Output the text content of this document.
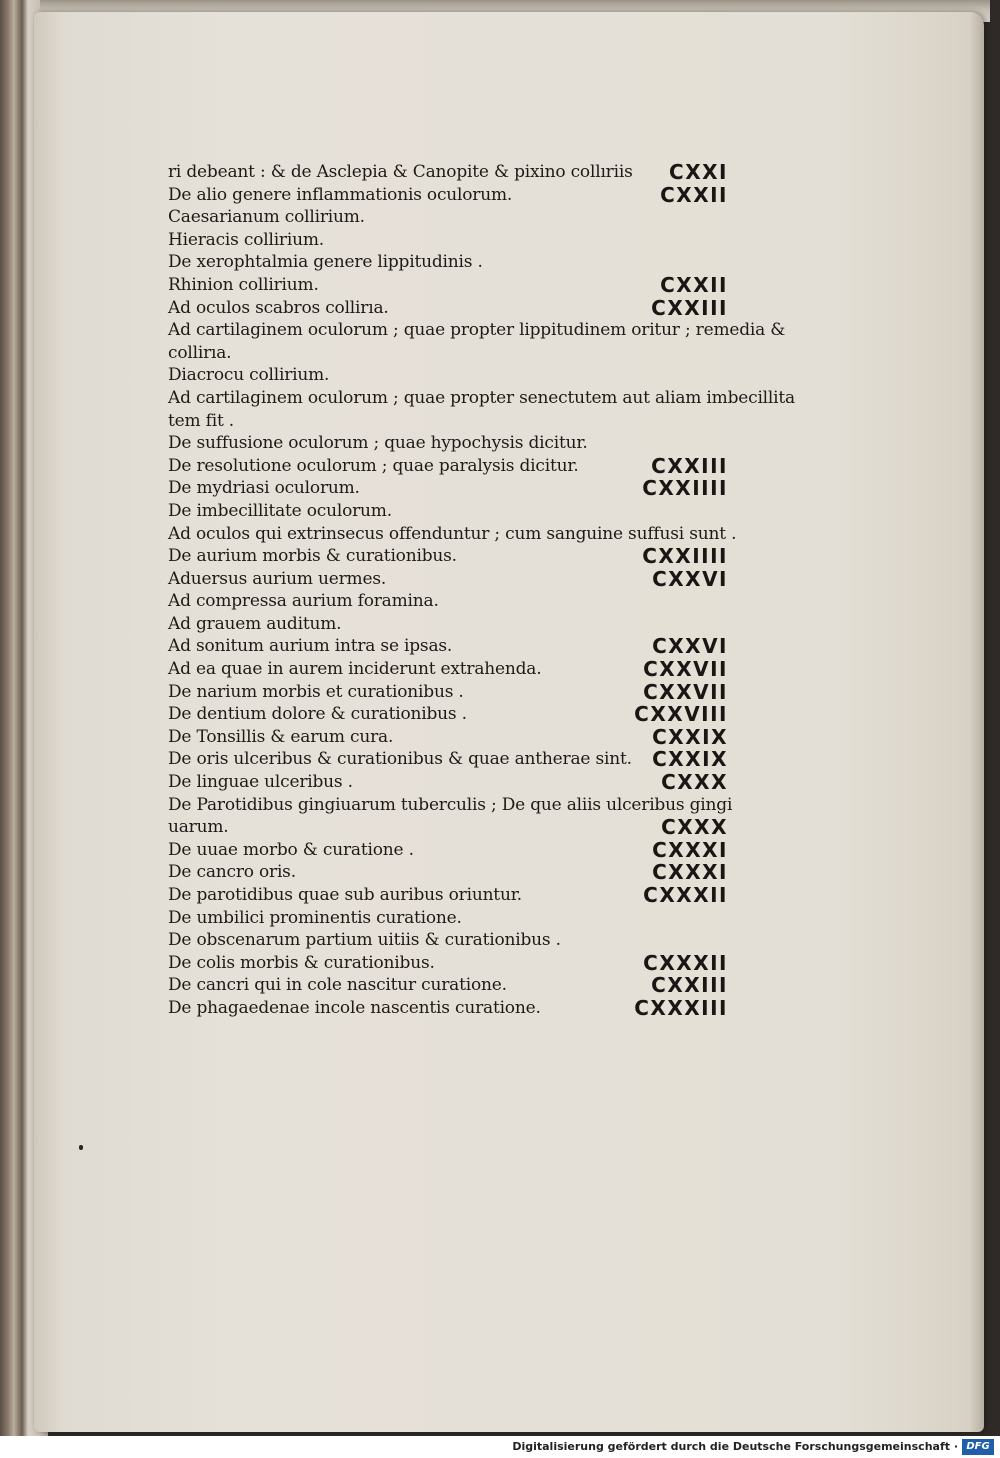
ri debeant : & de Asclepia & Canopite & pixino collıriis CXXI
De alio genere inflammationis oculorum.	CXXII
Caesarianum collirium.
Hieracis collirium.
De xerophtalmia genere lippitudinis .
Rhinion collirium.	CXXII
Ad oculos scabros collirıa.	CXXIII
Ad cartilaginem oculorum ; quae propter lippitudinem oritur ; remedia &
collirıa.
Diacrocu collirium.
Ad cartilaginem oculorum ; quae propter senectutem aut aliam imbecillita
tem fit .
De suffusione oculorum ; quae hypochysis dicitur.
De resolutione oculorum ; quae paralysis dicitur.	CXXIII
De mydriasi oculorum.	CXXIIII
De imbecillitate oculorum.
Ad oculos qui extrinsecus offenduntur ; cum sanguine suffusi sunt .
De aurium morbis & curationibus.	CXXIIII
Aduersus aurium uermes.	CXXVI
Ad compressa aurium foramina.
Ad grauem auditum.
Ad sonitum aurium intra se ipsas.	CXXVI
Ad ea quae in aurem inciderunt extrahenda.	CXXVII
De narium morbis et curationibus .	CXXVII
De dentium dolore & curationibus .	CXXVIII
De Tonsillis & earum cura.	CXXIX
De oris ulceribus & curationibus & quae antherae sint. CXXIX
De linguae ulceribus .	CXXX
De Parotidibus gingiuarum tuberculis ; De que aliis ulceribus gingi
uarum.	CXXX
De uuae morbo & curatione .	CXXXI
De cancro oris.	CXXXI
De parotidibus quae sub auribus oriuntur.	CXXXII
De umbilici prominentis curatione.
De obscenarum partium uitiis & curationibus .
De colis morbis & curationibus.	CXXXII
De cancri qui in cole nascitur curatione.	CXXIII
De phagaedenae incole nascentis curatione.	CXXXIII
Digitalisierung gefördert durch die Deutsche Forschungsgemeinschaft · DFG
